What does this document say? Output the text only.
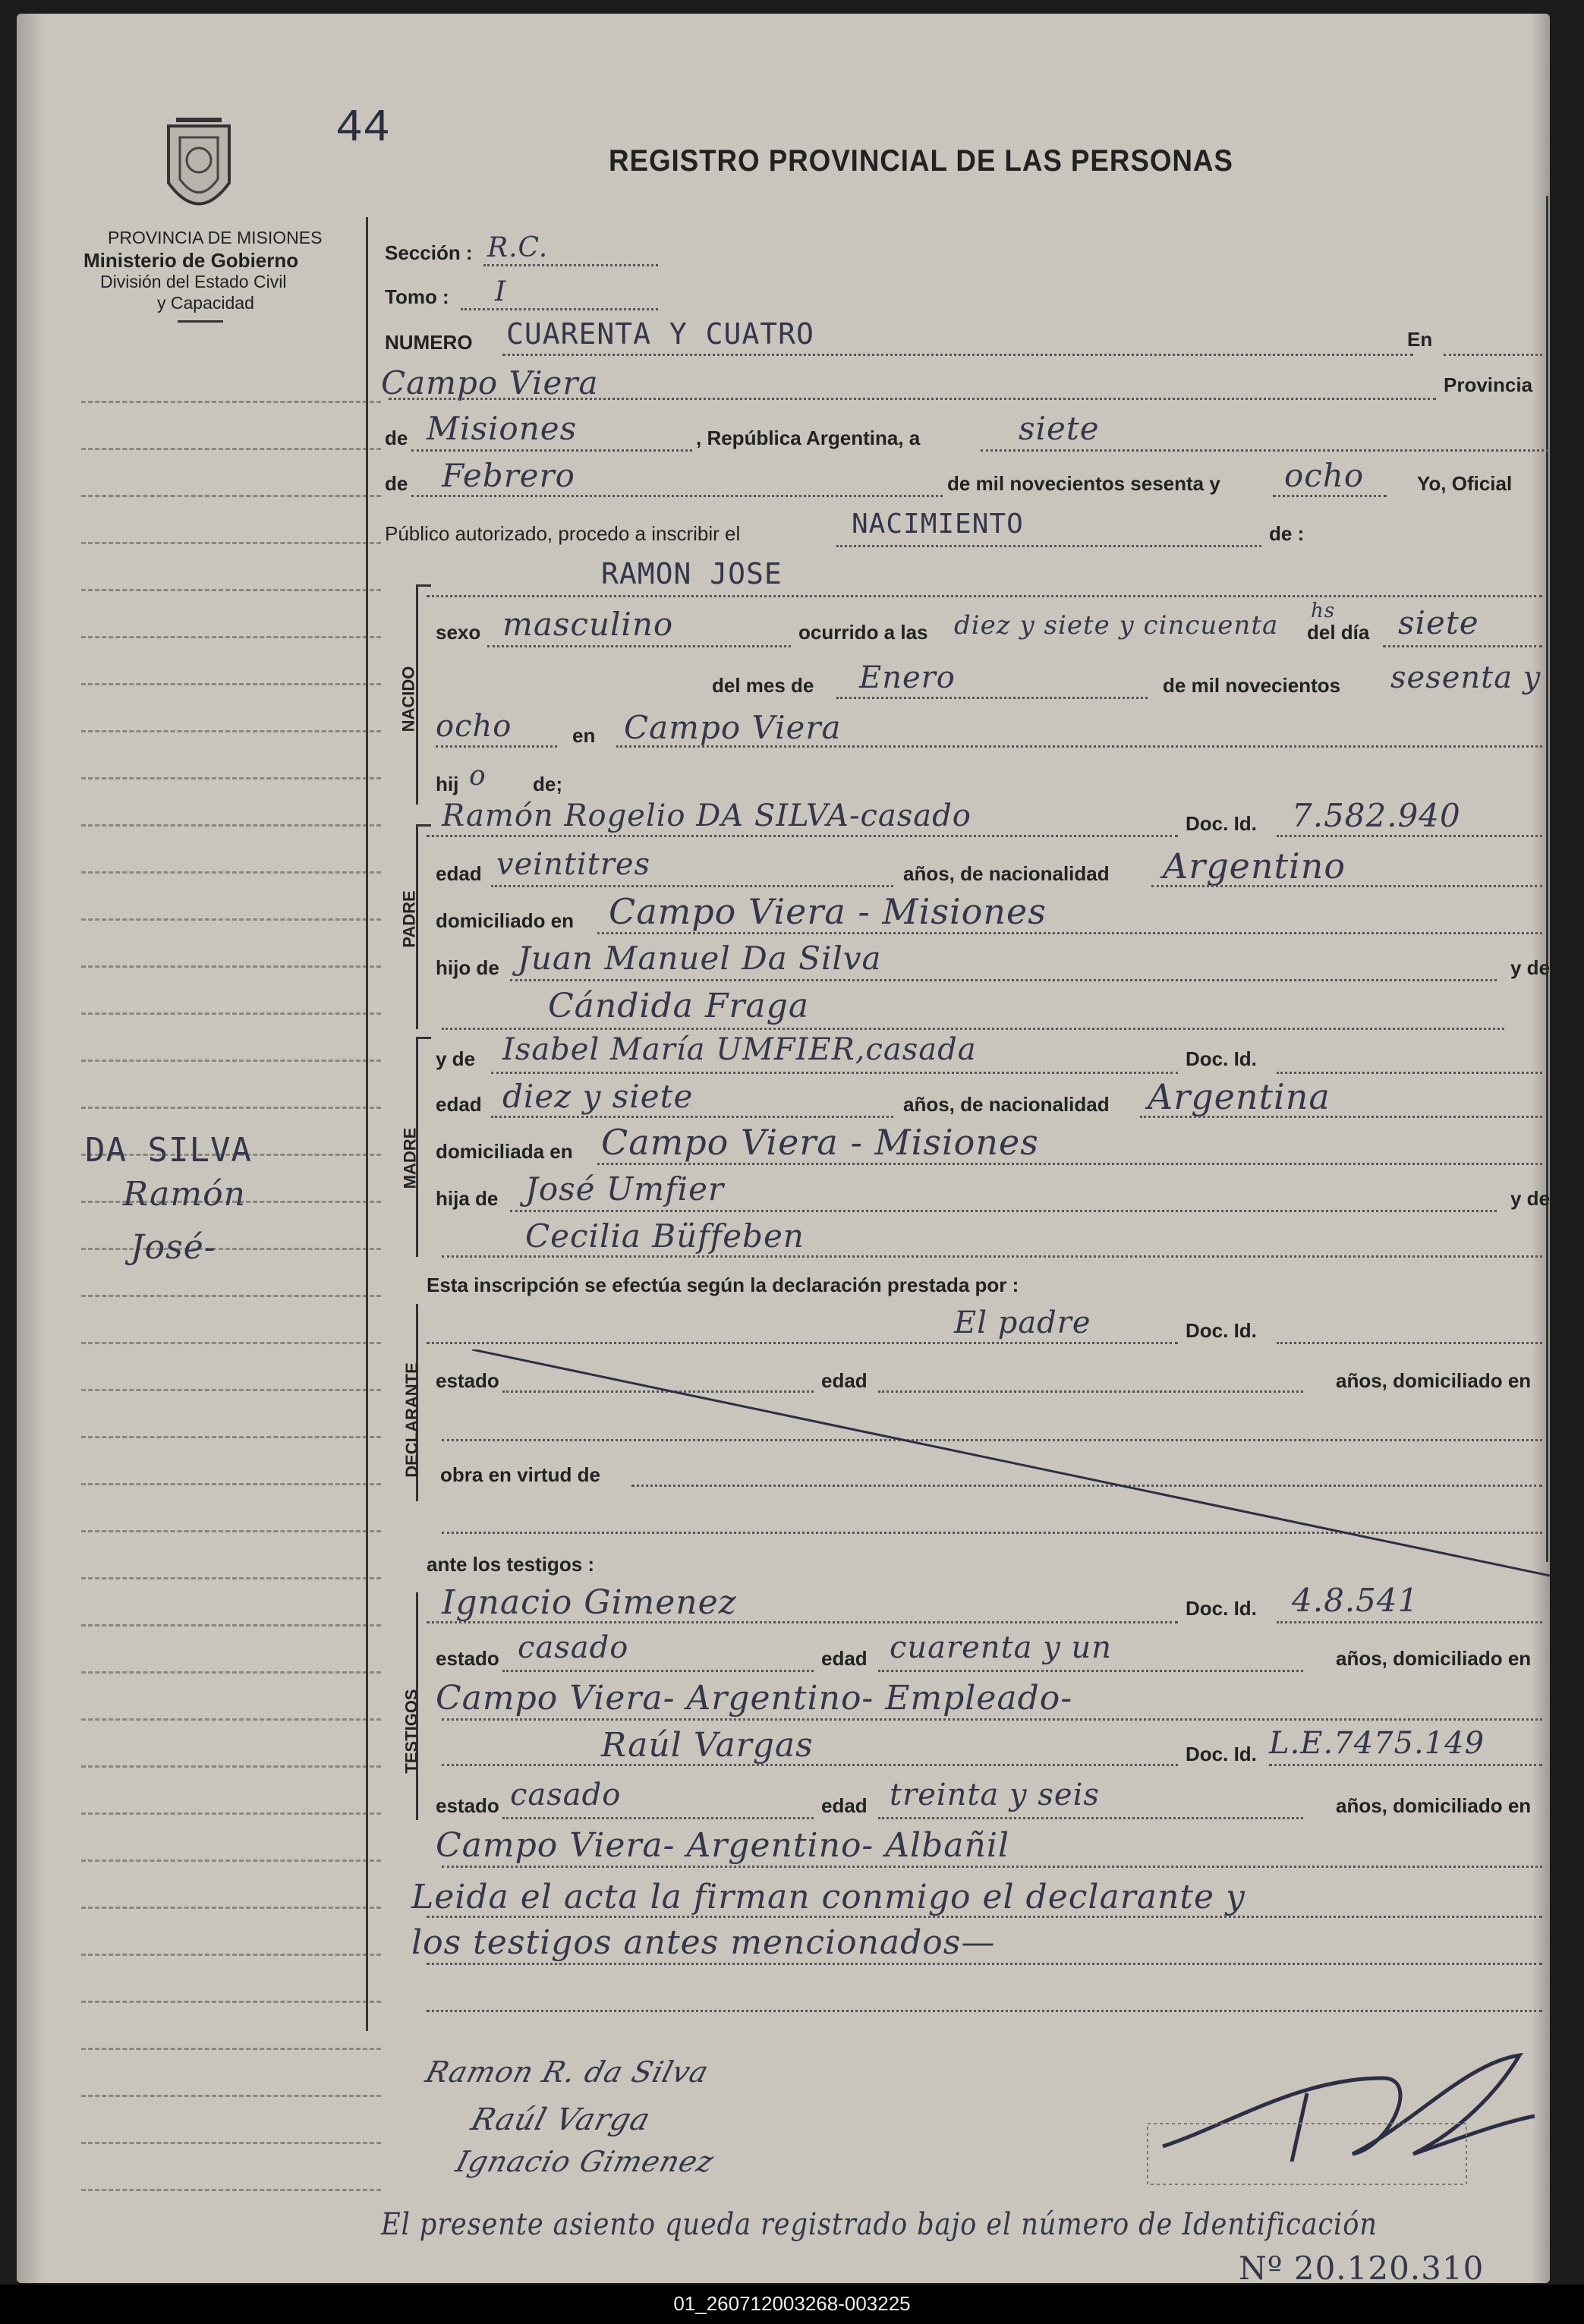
44
REGISTRO PROVINCIAL DE LAS PERSONAS
PROVINCIA DE MISIONES
Ministerio de Gobierno
División del Estado Civil
y Capacidad
DA SILVA
Ramón
José-
NACIDO
PADRE
MADRE
DECLARANTE
TESTIGOS
Sección : R.C.
Tomo : I
NUMERO CUARENTA Y CUATRO	En
Campo Viera	Provincia
de Misiones	, República Argentina, a	siete
de Febrero	de mil novecientos sesenta y ocho	Yo, Oficial
Público autorizado, procedo a inscribir el	NACIMIENTO	de :
RAMON JOSE
sexo masculino	ocurrido a las diez y siete y cincuenta hs
del día siete
del mes de Enero	de mil novecientos sesenta y
ocho	en Campo Viera
hij o de;
Ramón Rogelio DA SILVA-casado	Doc. Id. 7.582.940
edad veintitres	años, de nacionalidad Argentino
domiciliado en Campo Viera - Misiones
hijo de Juan Manuel Da Silva	y de
Cándida Fraga
y de Isabel María UMFIER,casada	Doc. Id.
edad diez y siete	años, de nacionalidad Argentina
domiciliada en Campo Viera - Misiones
hija de José Umfier	y de
Cecilia Büffeben
Esta inscripción se efectúa según la declaración prestada por :
El padre	Doc. Id.
estado	edad	años, domiciliado en
obra en virtud de
ante los testigos :
Ignacio Gimenez	Doc. Id. 4.8.541
estado casado	edad cuarenta y un	años, domiciliado en
Campo Viera- Argentino- Empleado-
Raúl Vargas	Doc. Id. L.E.7475.149
estado casado	edad treinta y seis	años, domiciliado en
Campo Viera- Argentino- Albañil
Leida el acta la firman conmigo el declarante y
los testigos antes mencionados—
Ramon R. da Silva
Raúl Varga
Ignacio Gimenez
El presente asiento queda registrado bajo el número de Identificación
Nº 20.120.310
01_260712003268-003225
